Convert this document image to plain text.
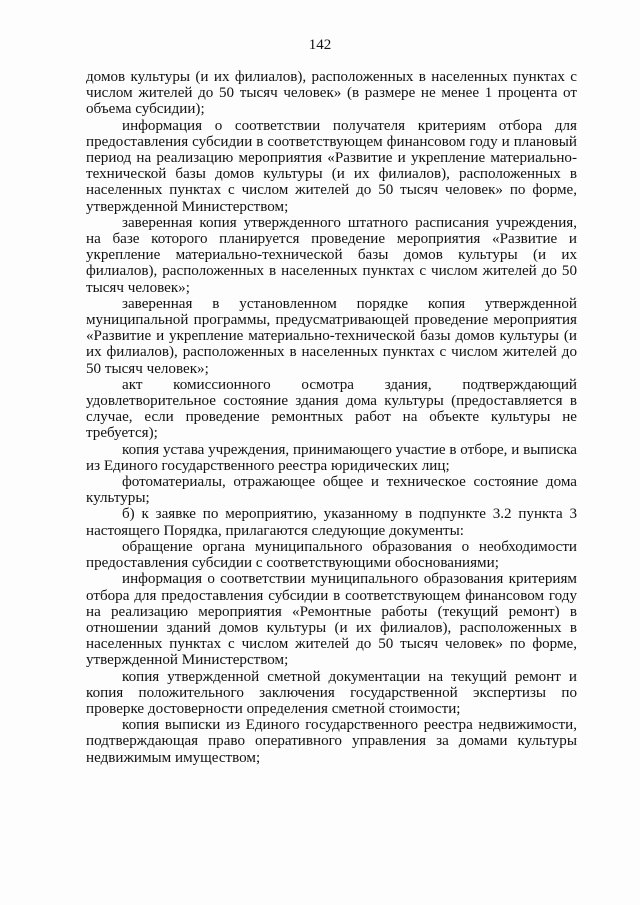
142

домов культуры (и их филиалов), расположенных в населенных пунктах с числом жителей до 50 тысяч человек» (в размере не менее 1 процента от объема субсидии);

информация о соответствии получателя критериям отбора для предоставления субсидии в соответствующем финансовом году и плановый период на реализацию мероприятия «Развитие и укрепление материально-технической базы домов культуры (и их филиалов), расположенных в населенных пунктах с числом жителей до 50 тысяч человек» по форме, утвержденной Министерством;

заверенная копия утвержденного штатного расписания учреждения, на базе которого планируется проведение мероприятия «Развитие и укрепление материально-технической базы домов культуры (и их филиалов), расположенных в населенных пунктах с числом жителей до 50 тысяч человек»;

заверенная в установленном порядке копия утвержденной муниципальной программы, предусматривающей проведение мероприятия «Развитие и укрепление материально-технической базы домов культуры (и их филиалов), расположенных в населенных пунктах с числом жителей до 50 тысяч человек»;

акт комиссионного осмотра здания, подтверждающий удовлетворительное состояние здания дома культуры (предоставляется в случае, если проведение ремонтных работ на объекте культуры не требуется);

копия устава учреждения, принимающего участие в отборе, и выписка из Единого государственного реестра юридических лиц;

фотоматериалы, отражающее общее и техническое состояние дома культуры;

б) к заявке по мероприятию, указанному в подпункте 3.2 пункта 3 настоящего Порядка, прилагаются следующие документы:

обращение органа муниципального образования о необходимости предоставления субсидии с соответствующими обоснованиями;

информация о соответствии муниципального образования критериям отбора для предоставления субсидии в соответствующем финансовом году на реализацию мероприятия «Ремонтные работы (текущий ремонт) в отношении зданий домов культуры (и их филиалов), расположенных в населенных пунктах с числом жителей до 50 тысяч человек» по форме, утвержденной Министерством;

копия утвержденной сметной документации на текущий ремонт и копия положительного заключения государственной экспертизы по проверке достоверности определения сметной стоимости;

копия выписки из Единого государственного реестра недвижимости, подтверждающая право оперативного управления за домами культуры недвижимым имуществом;
